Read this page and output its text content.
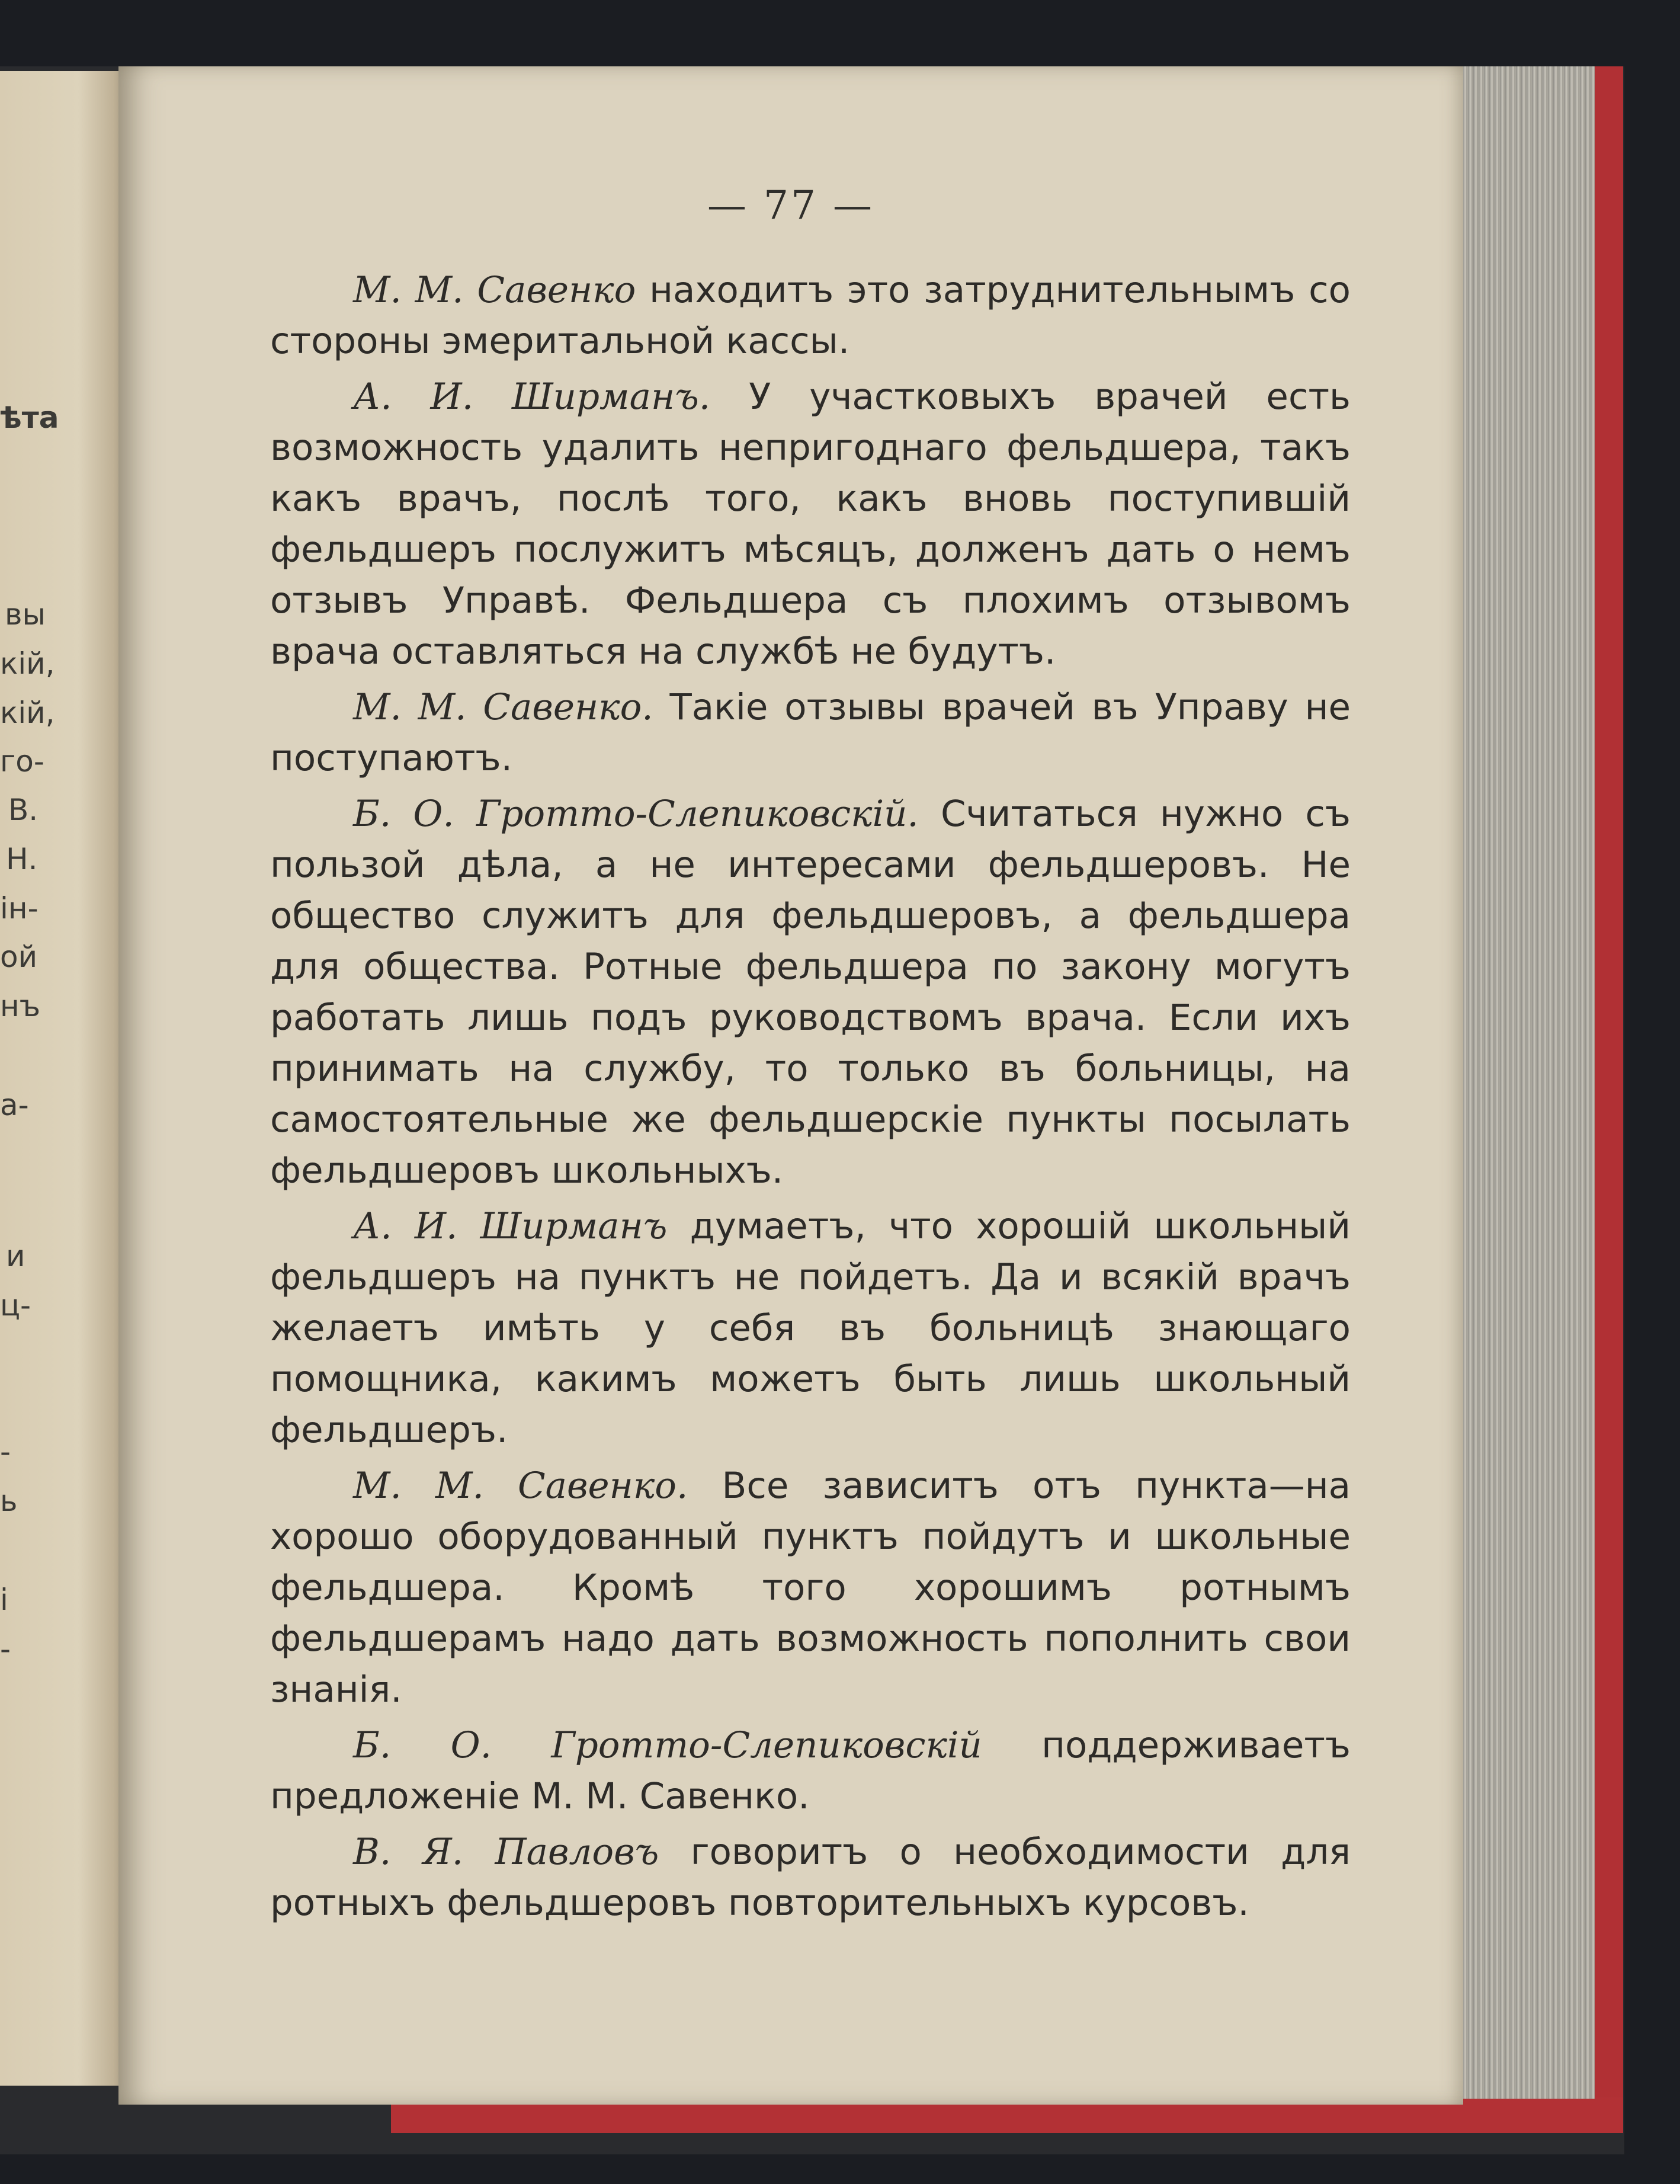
ѣта
вы
кій,
кій,
го-
В.
Н.
ін-
ой
нъ
а-
и
ц-
-
ь
і
-
— 77 —

М. М. Савенко находитъ это затруднительнымъ со стороны эмеритальной кассы.

А. И. Ширманъ. У участковыхъ врачей есть возможность удалить непригоднаго фельдшера, такъ какъ врачъ, послѣ того, какъ вновь поступившій фельдшеръ послужитъ мѣсяцъ, долженъ дать о немъ отзывъ Управѣ. Фельдшера съ плохимъ отзывомъ врача оставляться на службѣ не будутъ.

М. М. Савенко. Такіе отзывы врачей въ Управу не поступаютъ.

Б. О. Гротто-Слепиковскій. Считаться нужно съ пользой дѣла, а не интересами фельдшеровъ. Не общество служитъ для фельдшеровъ, а фельдшера для общества. Ротные фельдшера по закону могутъ работать лишь подъ руководствомъ врача. Если ихъ принимать на службу, то только въ больницы, на самостоятельные же фельдшерскіе пункты посылать фельдшеровъ школьныхъ.

А. И. Ширманъ думаетъ, что хорошій школьный фельдшеръ на пунктъ не пойдетъ. Да и всякій врачъ желаетъ имѣть у себя въ больницѣ знающаго помощника, какимъ можетъ быть лишь школьный фельдшеръ.

М. М. Савенко. Все зависитъ отъ пункта—на хорошо оборудованный пунктъ пойдутъ и школьные фельдшера. Кромѣ того хорошимъ ротнымъ фельдшерамъ надо дать возможность пополнить свои знанія.

Б. О. Гротто-Слепиковскій поддерживаетъ предложеніе М. М. Савенко.

В. Я. Павловъ говоритъ о необходимости для ротныхъ фельдшеровъ повторительныхъ курсовъ.
